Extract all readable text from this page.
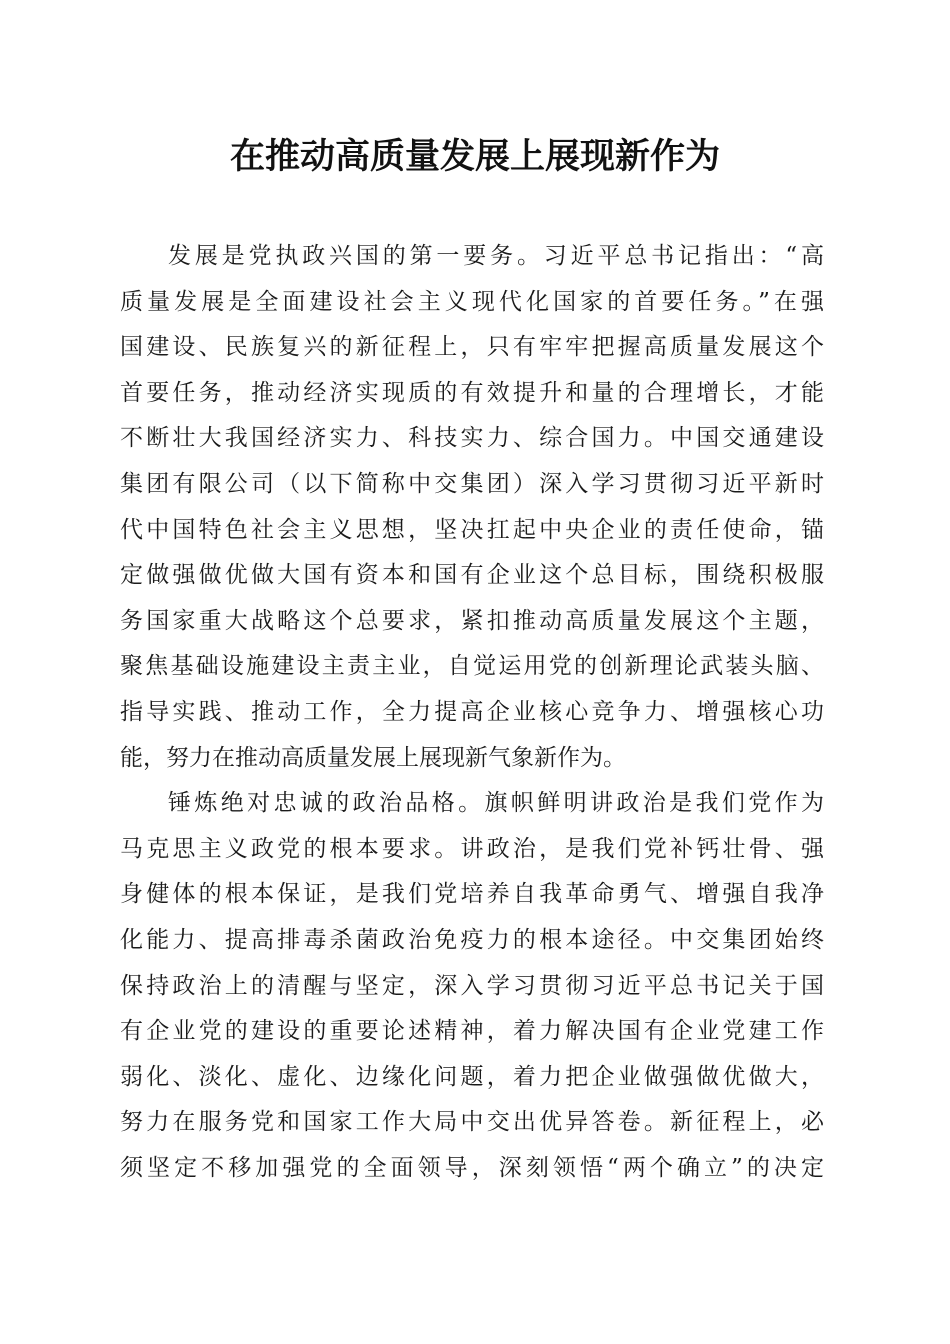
在推动高质量发展上展现新作为
发展是党执政兴国的第一要务。习近平总书记指出：“高
质量发展是全面建设社会主义现代化国家的首要任务。”在强
国建设、民族复兴的新征程上，只有牢牢把握高质量发展这个
首要任务，推动经济实现质的有效提升和量的合理增长，才能
不断壮大我国经济实力、科技实力、综合国力。中国交通建设
集团有限公司（以下简称中交集团）深入学习贯彻习近平新时
代中国特色社会主义思想，坚决扛起中央企业的责任使命，锚
定做强做优做大国有资本和国有企业这个总目标，围绕积极服
务国家重大战略这个总要求，紧扣推动高质量发展这个主题，
聚焦基础设施建设主责主业，自觉运用党的创新理论武装头脑、
指导实践、推动工作，全力提高企业核心竞争力、增强核心功
能，努力在推动高质量发展上展现新气象新作为。
锤炼绝对忠诚的政治品格。旗帜鲜明讲政治是我们党作为
马克思主义政党的根本要求。讲政治，是我们党补钙壮骨、强
身健体的根本保证，是我们党培养自我革命勇气、增强自我净
化能力、提高排毒杀菌政治免疫力的根本途径。中交集团始终
保持政治上的清醒与坚定，深入学习贯彻习近平总书记关于国
有企业党的建设的重要论述精神，着力解决国有企业党建工作
弱化、淡化、虚化、边缘化问题，着力把企业做强做优做大，
努力在服务党和国家工作大局中交出优异答卷。新征程上，必
须坚定不移加强党的全面领导，深刻领悟“两个确立”的决定
